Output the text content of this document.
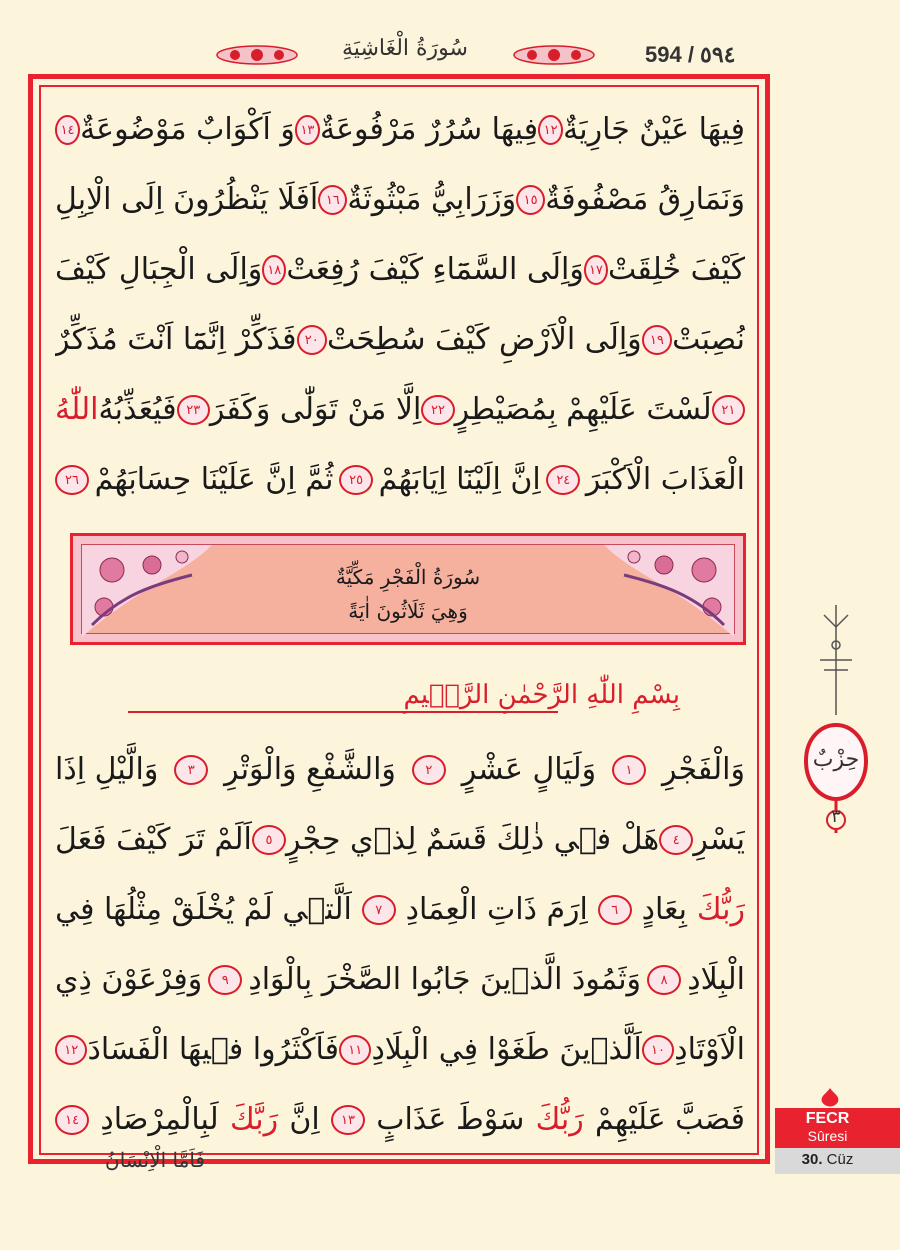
594 / ٥٩٤
سُورَةُ الْغَاشِيَةِ
فِيهَا عَيْنٌ جَارِيَةٌ
١٢
فِيهَا سُرُرٌ مَرْفُوعَةٌ
١٣
وَ اَكْوَابٌ مَوْضُوعَةٌ
١٤
وَنَمَارِقُ مَصْفُوفَةٌ
١٥
وَزَرَابِيُّ مَبْثُوثَةٌ
١٦
اَفَلَا يَنْظُرُونَ اِلَى الْاِبِلِ
كَيْفَ خُلِقَتْ
١٧
وَاِلَى السَّمَٓاءِ كَيْفَ رُفِعَتْ
١٨
وَاِلَى الْجِبَالِ كَيْفَ
نُصِبَتْ
١٩
وَاِلَى الْاَرْضِ كَيْفَ سُطِحَتْ
٢٠
فَذَكِّرْ اِنَّمَٓا اَنْتَ مُذَكِّرٌ
٢١
لَسْتَ عَلَيْهِمْ بِمُصَيْطِرٍ
٢٢
اِلَّا مَنْ تَوَلّٰى وَكَفَرَ
٢٣
فَيُعَذِّبُهُ
اللّٰهُ
الْعَذَابَ الْاَكْبَرَ
٢٤
اِنَّ اِلَيْنَٓا اِيَابَهُمْ
٢٥
ثُمَّ اِنَّ عَلَيْنَا حِسَابَهُمْ
٢٦
سُورَةُ الْفَجْرِ مَكِّيَّةٌ
وَهِيَ ثَلَاثُونَ اٰيَةً
بِسْمِ اللّٰهِ الرَّحْمٰنِ الرَّحٖيمِ
وَالْفَجْرِ
١
وَلَيَالٍ عَشْرٍ
٢
وَالشَّفْعِ وَالْوَتْرِ
٣
وَالَّيْلِ اِذَا
يَسْرِ
٤
هَلْ فٖي ذٰلِكَ قَسَمٌ لِذٖي حِجْرٍ
٥
اَلَمْ تَرَ كَيْفَ فَعَلَ
رَبُّكَ
بِعَادٍ
٦
اِرَمَ ذَاتِ الْعِمَادِ
٧
اَلَّتٖي لَمْ يُخْلَقْ مِثْلُهَا فِي
الْبِلَادِ
٨
وَثَمُودَ الَّذٖينَ جَابُوا الصَّخْرَ بِالْوَادِ
٩
وَفِرْعَوْنَ ذِي
الْاَوْتَادِ
١٠
اَلَّذٖينَ طَغَوْا فِي الْبِلَادِ
١١
فَاَكْثَرُوا فٖيهَا الْفَسَادَ
١٢
فَصَبَّ عَلَيْهِمْ
رَبُّكَ
سَوْطَ عَذَابٍ
١٣
اِنَّ
رَبَّكَ
لَبِالْمِرْصَادِ
١٤
حِزْبٌ
٣
FECR
Sûresi
30. Cüz
فَاَمَّا الْاِنْسَانُ
